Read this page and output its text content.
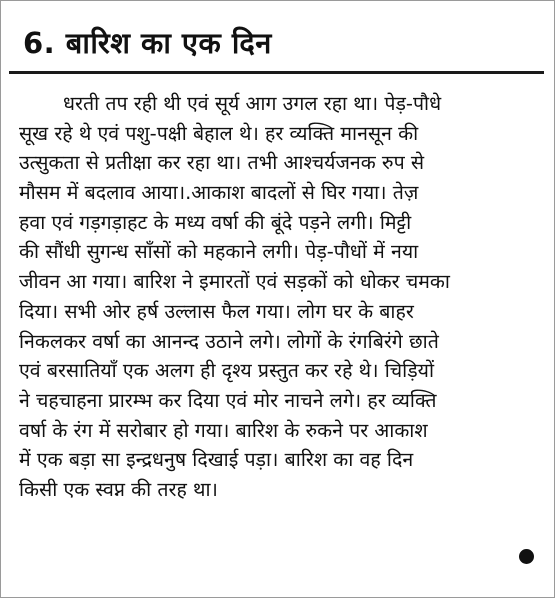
6. बारिश का एक दिन
धरती तप रही थी एवं सूर्य आग उगल रहा था। पेड़-पौधे
सूख रहे थे एवं पशु-पक्षी बेहाल थे। हर व्यक्ति मानसून की
उत्सुकता से प्रतीक्षा कर रहा था। तभी आश्चर्यजनक रुप से
मौसम में बदलाव आया।.आकाश बादलों से घिर गया। तेज़
हवा एवं गड़गड़ाहट के मध्य वर्षा की बूंदे पड़ने लगी। मिट्टी
की सौंधी सुगन्ध साँसों को महकाने लगी। पेड़-पौधों में नया
जीवन आ गया। बारिश ने इमारतों एवं सड़कों को धोकर चमका
दिया। सभी ओर हर्ष उल्लास फैल गया। लोग घर के बाहर
निकलकर वर्षा का आनन्द उठाने लगे। लोगों के रंगबिरंगे छाते
एवं बरसातियाँ एक अलग ही दृश्य प्रस्तुत कर रहे थे। चिड़ियों
ने चहचाहना प्रारम्भ कर दिया एवं मोर नाचने लगे। हर व्यक्ति
वर्षा के रंग में सरोबार हो गया। बारिश के रुकने पर आकाश
में एक बड़ा सा इन्द्रधनुष दिखाई पड़ा। बारिश का वह दिन
किसी एक स्वप्न की तरह था।
